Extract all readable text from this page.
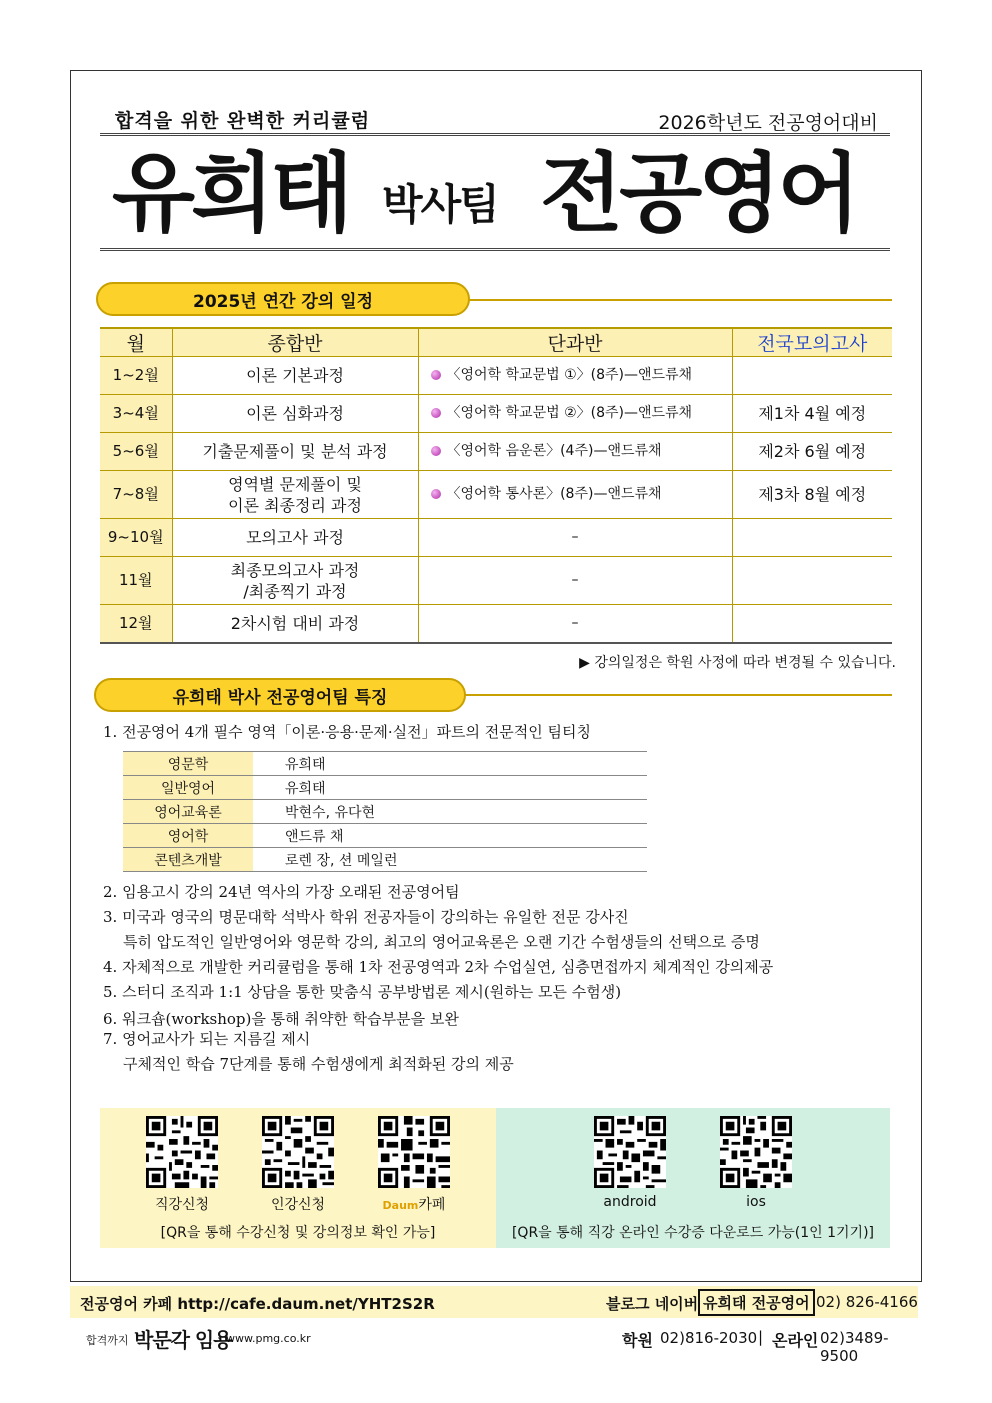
합격을 위한 완벽한 커리큘럼	2026학년도 전공영어대비
유희태 박사팀 전공영어
2025년 연간 강의 일정
월	종합반	단과반	전국모의고사
1~2월	이론 기본과정	〈영어학 학교문법 ①〉(8주)—앤드류채	
3~4월	이론 심화과정	〈영어학 학교문법 ②〉(8주)—앤드류채	제1차 4월 예정
5~6월	기출문제풀이 및 분석 과정	〈영어학 음운론〉(4주)—앤드류채	제2차 6월 예정
7~8월	영역별 문제풀이 및
이론 최종정리 과정	〈영어학 통사론〉(8주)—앤드류채	제3차 8월 예정
9~10월	모의고사 과정	–	
11월	최종모의고사 과정
/최종찍기 과정	–	
12월	2차시험 대비 과정	–	
▶ 강의일정은 학원 사정에 따라 변경될 수 있습니다.
유희태 박사 전공영어팀 특징
1. 전공영어 4개 필수 영역「이론·응용·문제·실전」파트의 전문적인 팀티칭
영문학	유희태
일반영어	유희태
영어교육론	박현수, 유다현
영어학	앤드류 채
콘텐츠개발	로렌 장, 션 메일런
2. 임용고시 강의 24년 역사의 가장 오래된 전공영어팀
3. 미국과 영국의 명문대학 석박사 학위 전공자들이 강의하는 유일한 전문 강사진
특히 압도적인 일반영어와 영문학 강의, 최고의 영어교육론은 오랜 기간 수험생들의 선택으로 증명
4. 자체적으로 개발한 커리큘럼을 통해 1차 전공영역과 2차 수업실연, 심층면접까지 체계적인 강의제공
5. 스터디 조직과 1:1 상담을 통한 맞춤식 공부방법론 제시(원하는 모든 수험생)
6. 워크숍(workshop)을 통해 취약한 학습부분을 보완
7. 영어교사가 되는 지름길 제시
구체적인 학습 7단계를 통해 수험생에게 최적화된 강의 제공
직강신청	인강신청	Daum카페
[QR을 통해 수강신청 및 강의정보 확인 가능]
android	ios
[QR을 통해 직강 온라인 수강증 다운로드 가능(1인 1기기)]
전공영어 카페 http://cafe.daum.net/YHT2S2R	블로그 네이버 유희태 전공영어 02) 826-4166
합격까지 박문각 임용
www.pmg.co.kr	학원 02)816-2030 | 온라인 02)3489-9500
